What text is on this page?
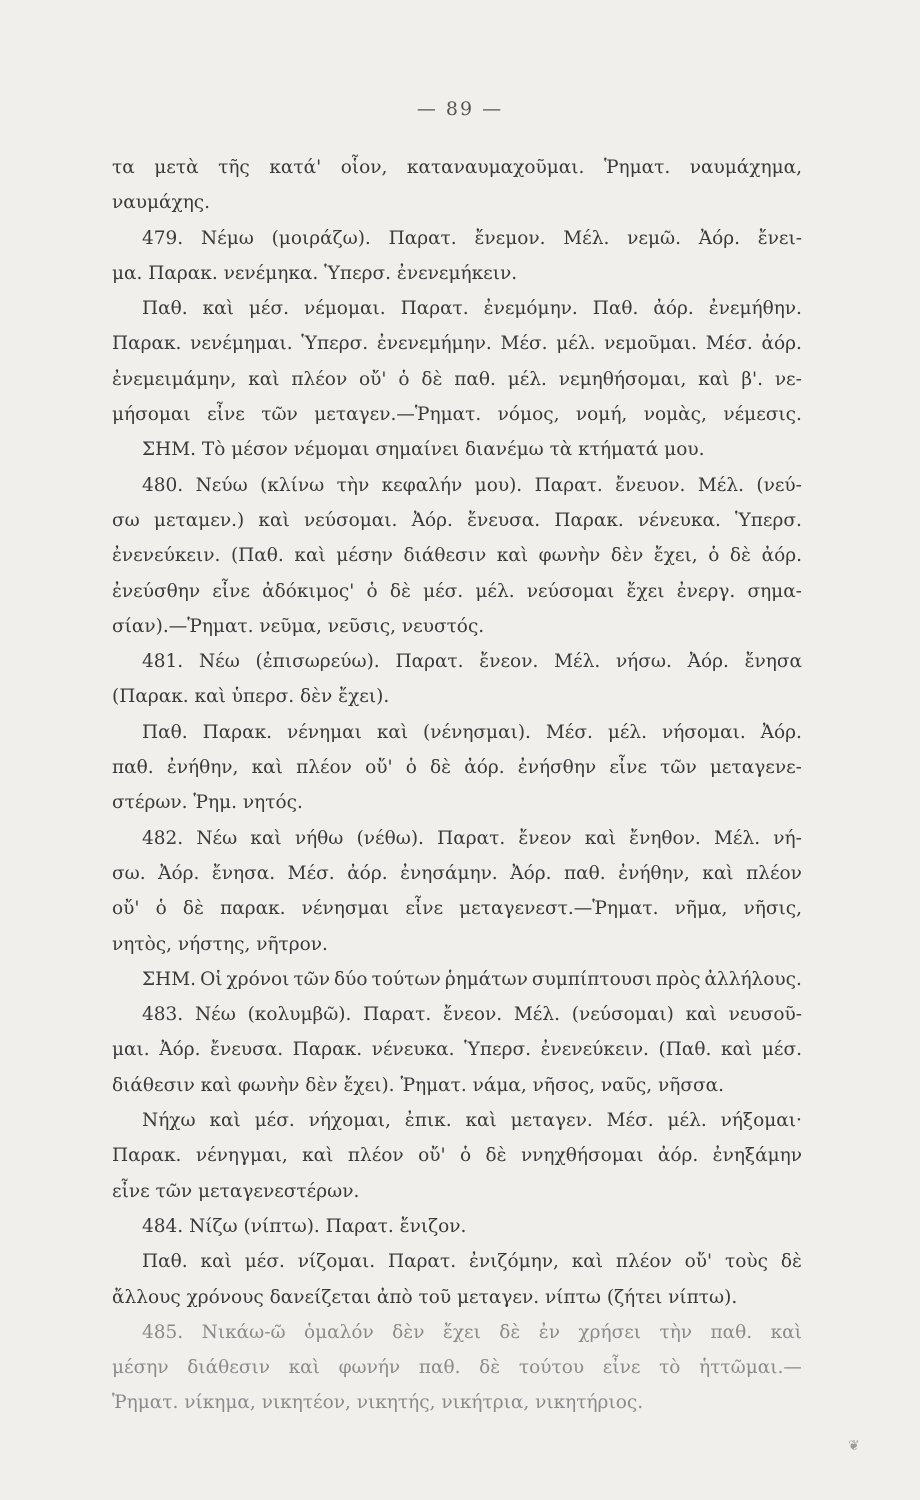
— 89 —
τα μετὰ τῆς κατά' οἷον, καταναυμαχοῦμαι. Ῥηματ. ναυμάχημα,
ναυμάχης.
479. Νέμω (μοιράζω). Παρατ. ἔνεμον. Μέλ. νεμῶ. Ἀόρ. ἔνει-
μα. Παρακ. νενέμηκα. Ὑπερσ. ἐνενεμήκειν.
Παθ. καὶ μέσ. νέμομαι. Παρατ. ἐνεμόμην. Παθ. ἀόρ. ἐνεμήθην.
Παρακ. νενέμημαι. Ὑπερσ. ἐνενεμήμην. Μέσ. μέλ. νεμοῦμαι. Μέσ. ἀόρ.
ἐνεμειμάμην, καὶ πλέον οὔ' ὁ δὲ παθ. μέλ. νεμηθήσομαι, καὶ β'. νε-
μήσομαι εἶνε τῶν μεταγεν.—Ῥηματ. νόμος, νομή, νομὰς, νέμεσις.
ΣΗΜ. Τὸ μέσον νέμομαι σημαίνει διανέμω τὰ κτήματά μου.
480. Νεύω (κλίνω τὴν κεφαλήν μου). Παρατ. ἔνευον. Μέλ. (νεύ-
σω μεταμεν.) καὶ νεύσομαι. Ἀόρ. ἔνευσα. Παρακ. νένευκα. Ὑπερσ.
ἐνενεύκειν. (Παθ. καὶ μέσην διάθεσιν καὶ φωνὴν δὲν ἔχει, ὁ δὲ ἀόρ.
ἐνεύσθην εἶνε ἀδόκιμος' ὁ δὲ μέσ. μέλ. νεύσομαι ἔχει ἐνεργ. σημα-
σίαν).—Ῥηματ. νεῦμα, νεῦσις, νευστός.
481. Νέω (ἐπισωρεύω). Παρατ. ἔνεον. Μέλ. νήσω. Ἀόρ. ἔνησα
(Παρακ. καὶ ὑπερσ. δὲν ἔχει).
Παθ. Παρακ. νένημαι καὶ (νένησμαι). Μέσ. μέλ. νήσομαι. Ἀόρ.
παθ. ἐνήθην, καὶ πλέον οὔ' ὁ δὲ ἀόρ. ἐνήσθην εἶνε τῶν μεταγενε-
στέρων. Ῥημ. νητός.
482. Νέω καὶ νήθω (νέθω). Παρατ. ἔνεον καὶ ἔνηθον. Μέλ. νή-
σω. Ἀόρ. ἔνησα. Μέσ. ἀόρ. ἐνησάμην. Ἀόρ. παθ. ἐνήθην, καὶ πλέον
οὔ' ὁ δὲ παρακ. νένησμαι εἶνε μεταγενεστ.—Ῥηματ. νῆμα, νῆσις,
νητὸς, νήστης, νῆτρον.
ΣΗΜ. Οἱ χρόνοι τῶν δύο τούτων ῥημάτων συμπίπτουσι πρὸς ἀλλήλους.
483. Νέω (κολυμβῶ). Παρατ. ἔνεον. Μέλ. (νεύσομαι) καὶ νευσοῦ-
μαι. Ἀόρ. ἔνευσα. Παρακ. νένευκα. Ὑπερσ. ἐνενεύκειν. (Παθ. καὶ μέσ.
διάθεσιν καὶ φωνὴν δὲν ἔχει). Ῥηματ. νάμα, νῆσος, ναῦς, νῆσσα.
Νήχω καὶ μέσ. νήχομαι, ἐπικ. καὶ μεταγεν. Μέσ. μέλ. νήξομαι·
Παρακ. νένηγμαι, καὶ πλέον οὔ' ὁ δὲ ννηχθήσομαι ἀόρ. ἐνηξάμην
εἶνε τῶν μεταγενεστέρων.
484. Νίζω (νίπτω). Παρατ. ἔνιζον.
Παθ. καὶ μέσ. νίζομαι. Παρατ. ἐνιζόμην, καὶ πλέον οὔ' τοὺς δὲ
ἄλλους χρόνους δανείζεται ἀπὸ τοῦ μεταγεν. νίπτω (ζήτει νίπτω).
485. Νικάω-ῶ ὁμαλόν δὲν ἔχει δὲ ἐν χρήσει τὴν παθ. καὶ
μέσην διάθεσιν καὶ φωνήν παθ. δὲ τούτου εἶνε τὸ ἡττῶμαι.—
Ῥηματ. νίκημα, νικητέον, νικητής, νικήτρια, νικητήριος.
❦
